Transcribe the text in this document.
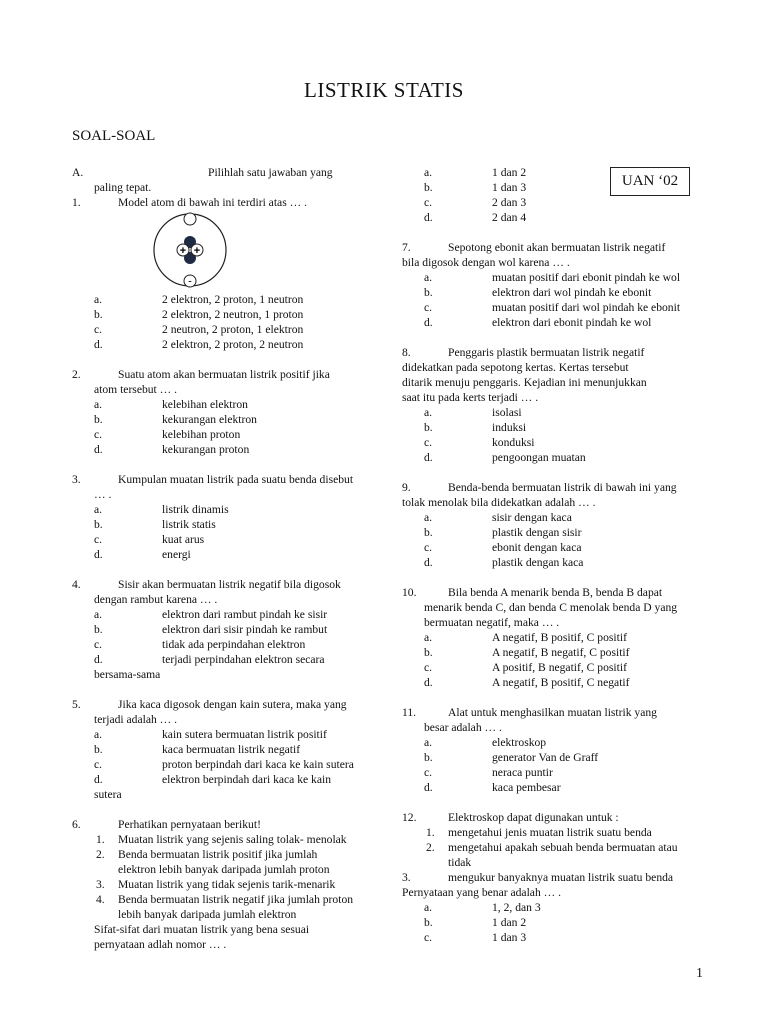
LISTRIK STATIS
SOAL-SOAL
UAN ‘02
1
A.	Pilihlah satu jawaban yang
paling tepat.
1.	Model atom di bawah ini terdiri atas … .
-
+ +
a.	2 elektron, 2 proton, 1 neutron
b.	2 elektron, 2 neutron, 1 proton
c.	2 neutron, 2 proton, 1 elektron
d.	2 elektron, 2 proton, 2 neutron
2.	Suatu atom akan bermuatan listrik positif jika
atom tersebut … .
a.	kelebihan elektron
b.	kekurangan elektron
c.	kelebihan proton
d.	kekurangan proton
3.	Kumpulan muatan listrik pada suatu benda disebut
… .
a.	listrik dinamis
b.	listrik statis
c.	kuat arus
d.	energi
4.	Sisir akan bermuatan listrik negatif bila digosok
dengan rambut karena … .
a.	elektron dari rambut pindah ke sisir
b.	elektron dari sisir pindah ke rambut
c.	tidak ada perpindahan elektron
d.	terjadi perpindahan elektron secara
bersama-sama
5.	Jika kaca digosok dengan kain sutera, maka yang
terjadi adalah … .
a.	kain sutera bermuatan listrik positif
b.	kaca bermuatan listrik negatif
c.	proton berpindah dari kaca ke kain sutera
d.	elektron berpindah dari kaca ke kain
sutera
6.	Perhatikan pernyataan berikut!
1.	Muatan listrik yang sejenis saling tolak- menolak
2.	Benda bermuatan listrik positif jika jumlah
elektron lebih banyak daripada jumlah proton
3.	Muatan listrik yang tidak sejenis tarik-menarik
4.	Benda bermuatan listrik negatif jika jumlah proton
lebih banyak daripada jumlah elektron
Sifat-sifat dari muatan listrik yang bena sesuai
pernyataan adlah nomor … .
a.	1 dan 2
b.	1 dan 3
c.	2 dan 3
d.	2 dan 4
7.	Sepotong ebonit akan bermuatan listrik negatif
bila digosok dengan wol karena … .
a.	muatan positif dari ebonit pindah ke wol
b.	elektron dari wol pindah ke ebonit
c.	muatan positif dari wol pindah ke ebonit
d.	elektron dari ebonit pindah ke wol
8.	Penggaris plastik bermuatan listrik negatif
didekatkan pada sepotong kertas. Kertas tersebut
ditarik menuju penggaris. Kejadian ini menunjukkan
saat itu pada kerts terjadi … .
a.	isolasi
b.	induksi
c.	konduksi
d.	pengoongan muatan
9.	Benda-benda bermuatan listrik di bawah ini yang
tolak menolak bila didekatkan adalah … .
a.	sisir dengan kaca
b.	plastik dengan sisir
c.	ebonit dengan kaca
d.	plastik dengan kaca
10.	Bila benda A menarik benda B, benda B dapat
menarik benda C, dan benda C menolak benda D yang
bermuatan negatif, maka … .
a.	A negatif, B positif, C positif
b.	A negatif, B negatif, C positif
c.	A positif, B negatif, C positif
d.	A negatif, B positif, C negatif
11.	Alat untuk menghasilkan muatan listrik yang
besar adalah … .
a.	elektroskop
b.	generator Van de Graff
c.	neraca puntir
d.	kaca pembesar
12.	Elektroskop dapat digunakan untuk :
1.	mengetahui jenis muatan listrik suatu benda
2.	mengetahui apakah sebuah benda bermuatan atau
tidak
3.	mengukur banyaknya muatan listrik suatu benda
Pernyataan yang benar adalah … .
a.	1, 2, dan 3
b.	1 dan 2
c.	1 dan 3
